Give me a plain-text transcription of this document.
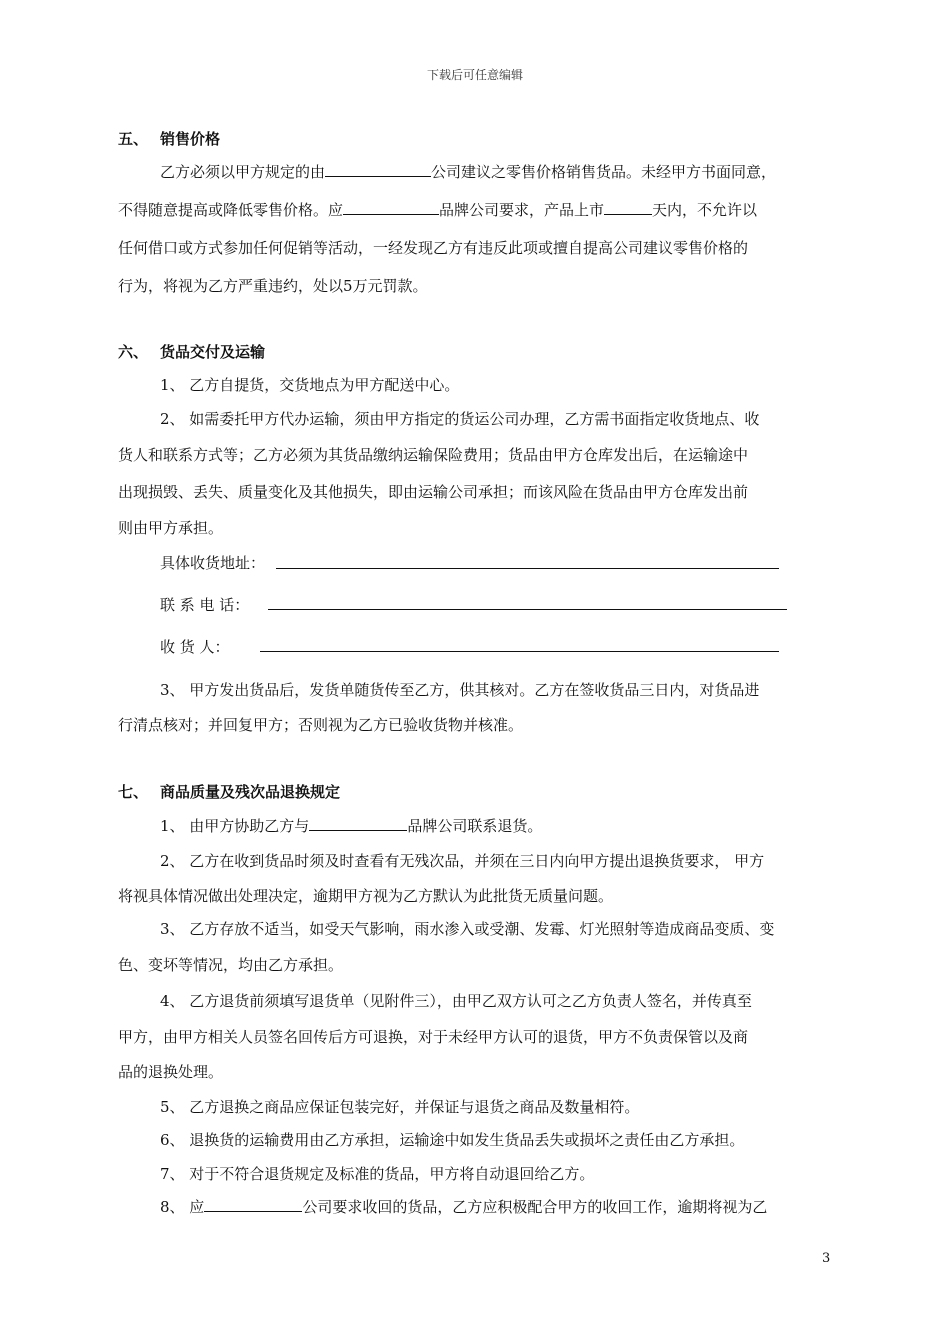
下载后可任意编辑
五、 销售价格
乙方必须以甲方规定的由	公司建议之零售价格销售货品。未经甲方书面同意，
不得随意提高或降低零售价格。应	品牌公司要求，产品上市	天内，不允许以
任何借口或方式参加任何促销等活动，一经发现乙方有违反此项或擅自提高公司建议零售价格的
行为，将视为乙方严重违约，处以5万元罚款。
六、 货品交付及运输
1、 乙方自提货，交货地点为甲方配送中心。
2、 如需委托甲方代办运输，须由甲方指定的货运公司办理，乙方需书面指定收货地点、收
货人和联系方式等；乙方必须为其货品缴纳运输保险费用；货品由甲方仓库发出后，在运输途中
出现损毁、丢失、质量变化及其他损失，即由运输公司承担；而该风险在货品由甲方仓库发出前
则由甲方承担。
具体收货地址：
联 系 电 话：
收 货 人：
3、 甲方发出货品后，发货单随货传至乙方，供其核对。乙方在签收货品三日内，对货品进
行清点核对；并回复甲方；否则视为乙方已验收货物并核准。
七、 商品质量及残次品退换规定
1、 由甲方协助乙方与	品牌公司联系退货。
2、 乙方在收到货品时须及时查看有无残次品，并须在三日内向甲方提出退换货要求， 甲方
将视具体情况做出处理决定，逾期甲方视为乙方默认为此批货无质量问题。
3、 乙方存放不适当，如受天气影响，雨水渗入或受潮、发霉、灯光照射等造成商品变质、变
色、变坏等情况，均由乙方承担。
4、 乙方退货前须填写退货单（见附件三），由甲乙双方认可之乙方负责人签名，并传真至
甲方，由甲方相关人员签名回传后方可退换，对于未经甲方认可的退货，甲方不负责保管以及商
品的退换处理。
5、 乙方退换之商品应保证包装完好，并保证与退货之商品及数量相符。
6、 退换货的运输费用由乙方承担，运输途中如发生货品丢失或损坏之责任由乙方承担。
7、 对于不符合退货规定及标准的货品，甲方将自动退回给乙方。
8、 应	公司要求收回的货品，乙方应积极配合甲方的收回工作，逾期将视为乙
3
